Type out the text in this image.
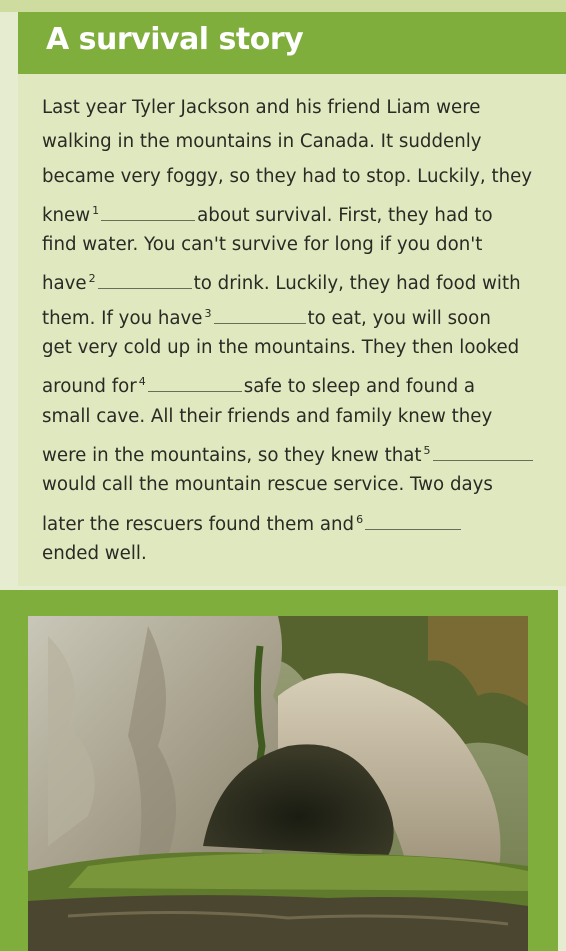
A survival story
Last year Tyler Jackson and his friend Liam were
walking in the mountains in Canada. It suddenly
became very foggy, so they had to stop. Luckily, they
knew $^1$	about survival. First, they had to
find water. You can't survive for long if you don't
have $^2$	to drink. Luckily, they had food with
them. If you have $^3$	to eat, you will soon
get very cold up in the mountains. They then looked
around for $^4$	safe to sleep and found a
small cave. All their friends and family knew they
were in the mountains, so they knew that $^5$
would call the mountain rescue service. Two days
later the rescuers found them and $^6$
ended well.
